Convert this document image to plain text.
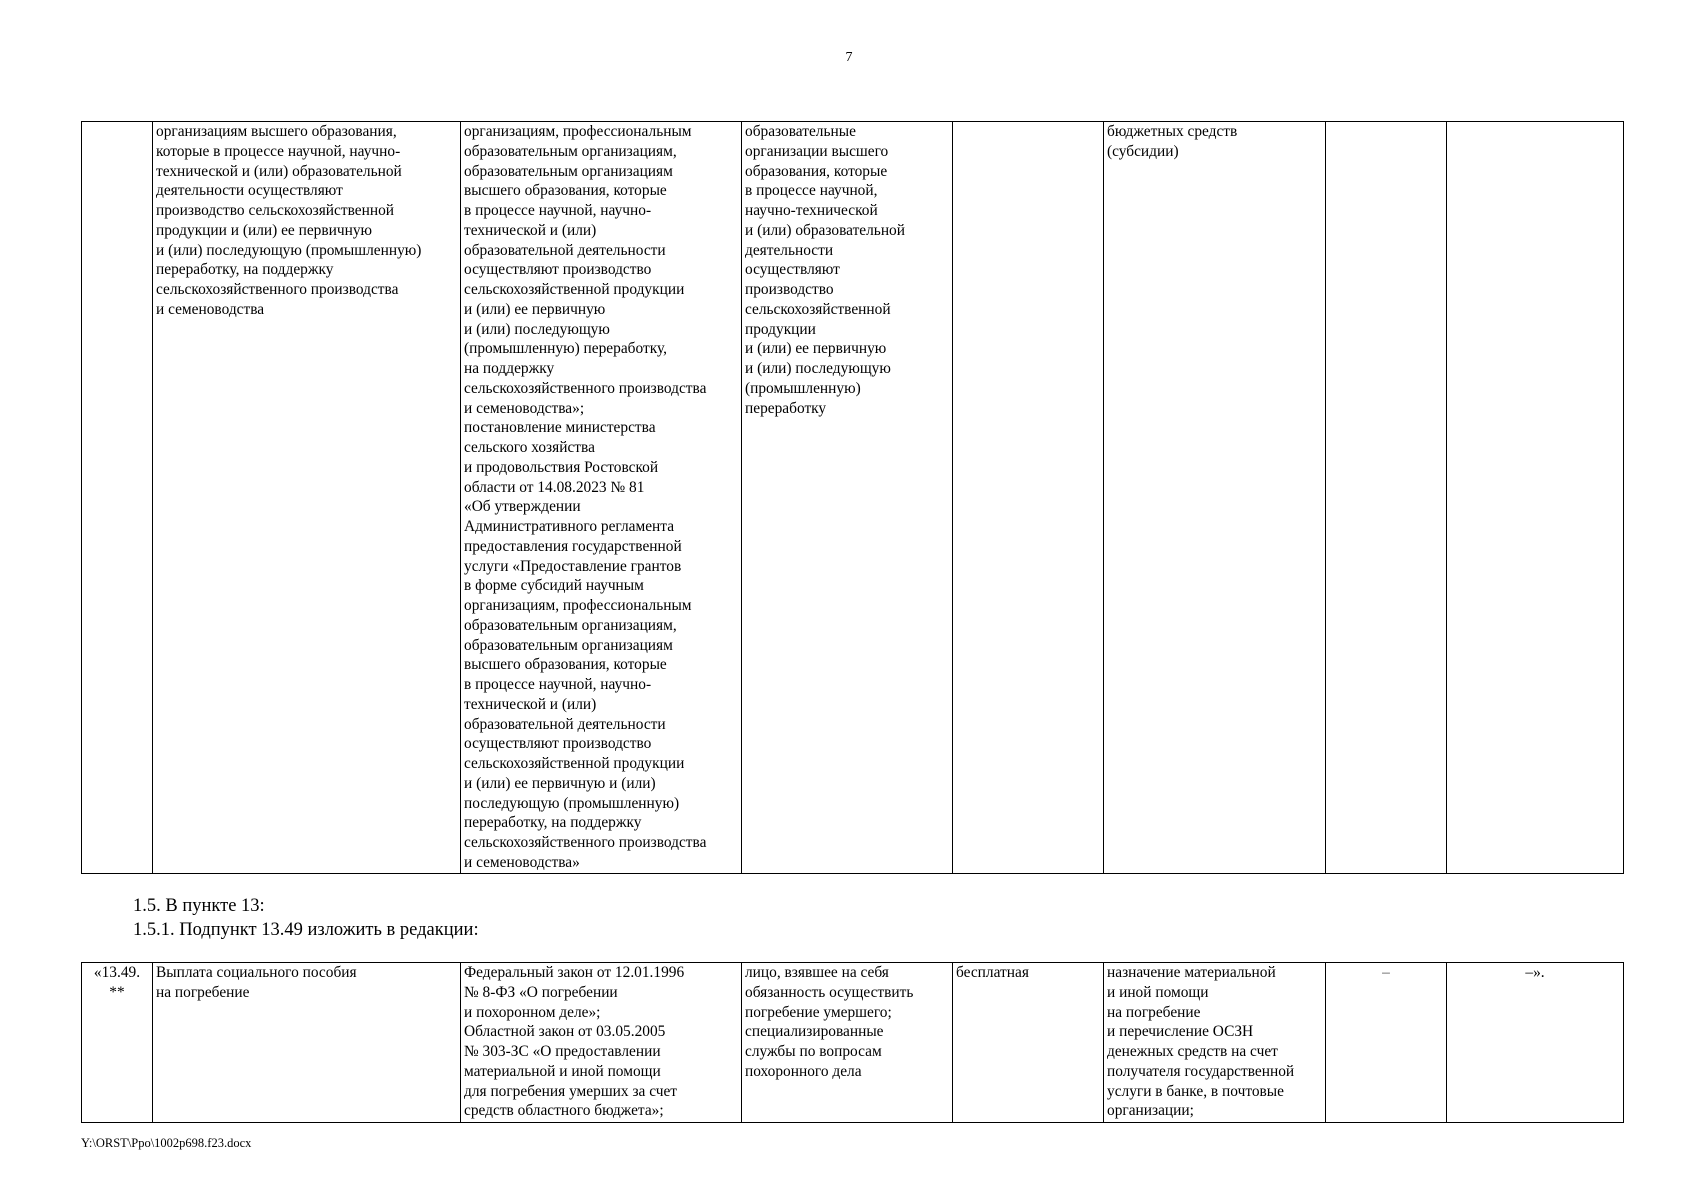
7
	организациям высшего образования,
которые в процессе научной, научно-
технической и (или) образовательной
деятельности осуществляют
производство сельскохозяйственной
продукции и (или) ее первичную
и (или) последующую (промышленную)
переработку, на поддержку
сельскохозяйственного производства
и семеноводства	организациям, профессиональным
образовательным организациям,
образовательным организациям
высшего образования, которые
в процессе научной, научно-
технической и (или)
образовательной деятельности
осуществляют производство
сельскохозяйственной продукции
и (или) ее первичную
и (или) последующую
(промышленную) переработку,
на поддержку
сельскохозяйственного производства
и семеноводства»;
постановление министерства
сельского хозяйства
и продовольствия Ростовской
области от 14.08.2023 № 81
«Об утверждении
Административного регламента
предоставления государственной
услуги «Предоставление грантов
в форме субсидий научным
организациям, профессиональным
образовательным организациям,
образовательным организациям
высшего образования, которые
в процессе научной, научно-
технической и (или)
образовательной деятельности
осуществляют производство
сельскохозяйственной продукции
и (или) ее первичную и (или)
последующую (промышленную)
переработку, на поддержку
сельскохозяйственного производства
и семеноводства»	образовательные
организации высшего
образования, которые
в процессе научной,
научно-технической
и (или) образовательной
деятельности
осуществляют
производство
сельскохозяйственной
продукции
и (или) ее первичную
и (или) последующую
(промышленную)
переработку		бюджетных средств
(субсидии)		
1.5. В пункте 13:
1.5.1. Подпункт 13.49 изложить в редакции:
«13.49.
**	Выплата социального пособия
на погребение	Федеральный закон от 12.01.1996
№ 8-ФЗ «О погребении
и похоронном деле»;
Областной закон от 03.05.2005
№ 303-ЗС «О предоставлении
материальной и иной помощи
для погребения умерших за счет
средств областного бюджета»;	лицо, взявшее на себя
обязанность осуществить
погребение умершего;
специализированные
службы по вопросам
похоронного дела	бесплатная	назначение материальной
и иной помощи
на погребение
и перечисление ОСЗН
денежных средств на счет
получателя государственной
услуги в банке, в почтовые
организации;	–	–».
Y:\ORST\Ppo\1002p698.f23.docx
